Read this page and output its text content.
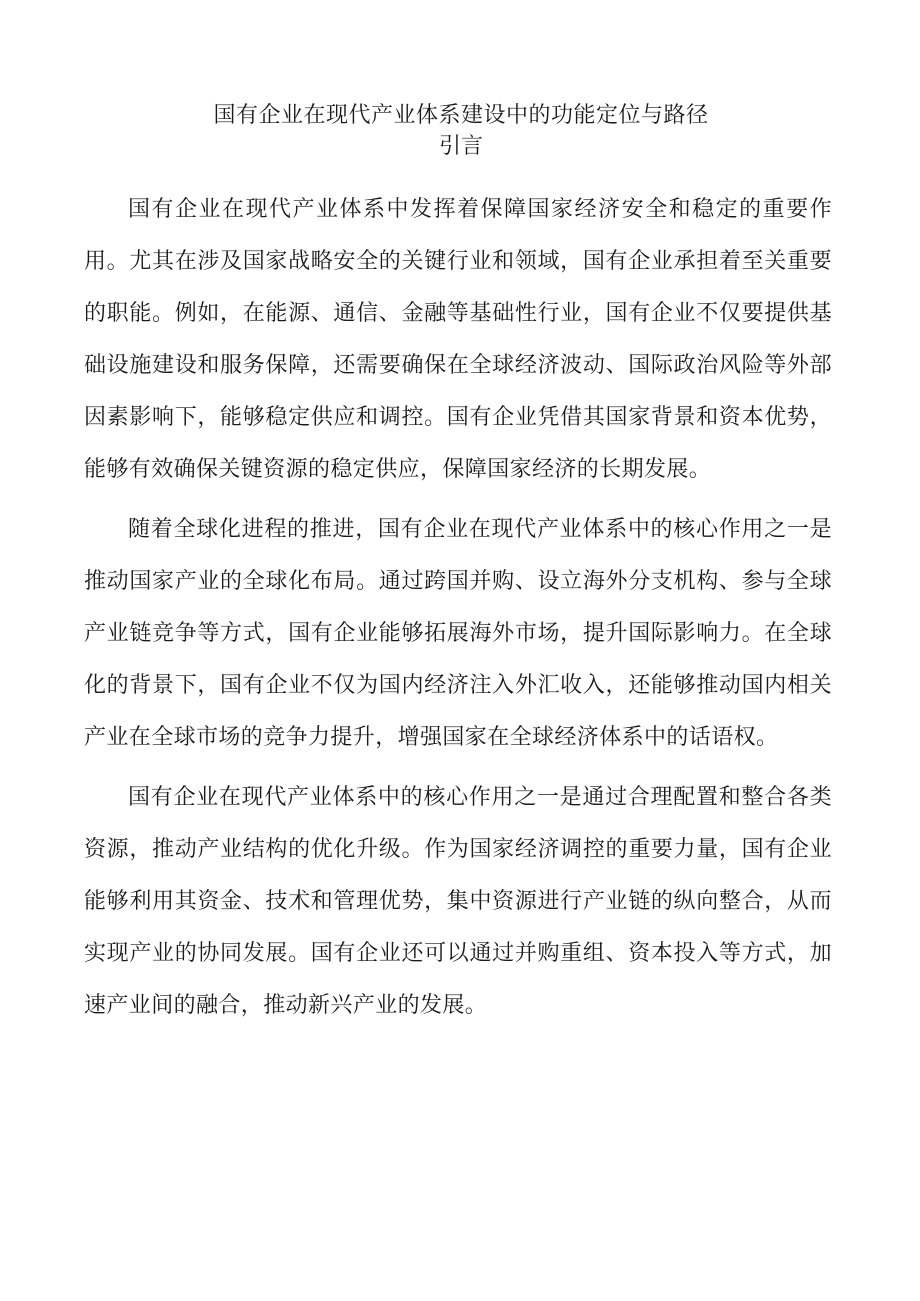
国有企业在现代产业体系建设中的功能定位与路径
引言

国有企业在现代产业体系中发挥着保障国家经济安全和稳定的重要作用。尤其在涉及国家战略安全的关键行业和领域，国有企业承担着至关重要的职能。例如，在能源、通信、金融等基础性行业，国有企业不仅要提供基础设施建设和服务保障，还需要确保在全球经济波动、国际政治风险等外部因素影响下，能够稳定供应和调控。国有企业凭借其国家背景和资本优势，能够有效确保关键资源的稳定供应，保障国家经济的长期发展。

随着全球化进程的推进，国有企业在现代产业体系中的核心作用之一是推动国家产业的全球化布局。通过跨国并购、设立海外分支机构、参与全球产业链竞争等方式，国有企业能够拓展海外市场，提升国际影响力。在全球化的背景下，国有企业不仅为国内经济注入外汇收入，还能够推动国内相关产业在全球市场的竞争力提升，增强国家在全球经济体系中的话语权。

国有企业在现代产业体系中的核心作用之一是通过合理配置和整合各类资源，推动产业结构的优化升级。作为国家经济调控的重要力量，国有企业能够利用其资金、技术和管理优势，集中资源进行产业链的纵向整合，从而实现产业的协同发展。国有企业还可以通过并购重组、资本投入等方式，加速产业间的融合，推动新兴产业的发展。
